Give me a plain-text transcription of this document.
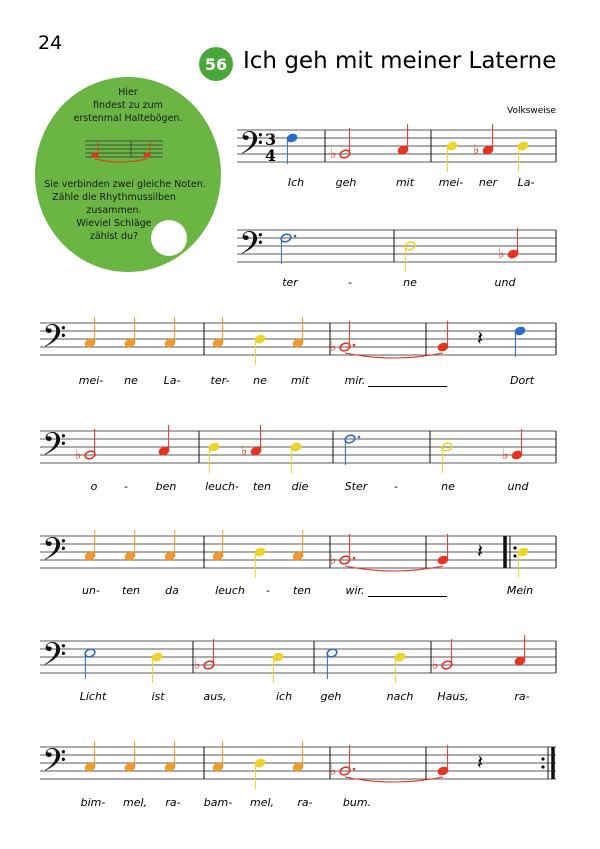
24
56 Ich geh mit meiner Laterne
Volksweise
Hier
findest zu zum
erstenmal Haltebögen.
Sie verbinden zwei gleiche Noten.
Zähle die Rhythmussilben
zusammen.
Wieviel Schläge
zählst du?
𝄢 3
4
𝄢
𝄢
𝄢
𝄢
𝄢
𝄢
♭	♭
♭
♭	𝄽
♭	♭	♭
♭	𝄽
♭	♭
♭	𝄽
Ich	geh	mit mei- ner La-
ter	-	ne	und
mei- ne La-	ter- ne mit	mir.	Dort
o -	ben	leuch- ten die	Ster -	ne	und
un- ten da	leuch - ten	wir.	Mein
Licht	ist	aus,	ich	geh	nach Haus,	ra-
bim- mel, ra- bam- mel, ra-	bum.
